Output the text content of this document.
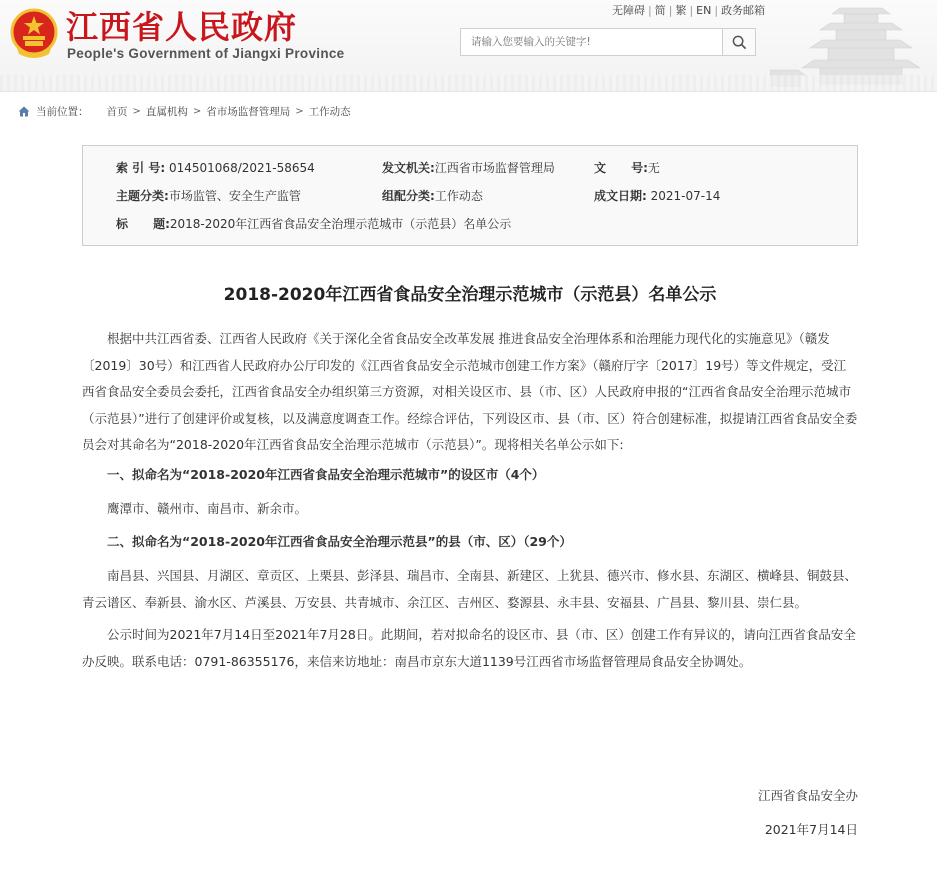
江西省人民政府
People's Government of Jiangxi Province
无障碍 | 简 | 繁 | EN | 政务邮箱
请输入您要输入的关键字!
当前位置： 首页 > 直属机构 > 省市场监督管理局 > 工作动态
索 引 号: 014501068/2021-58654	发文机关:江西省市场监督管理局	文      号:无
主题分类:市场监管、安全生产监管	组配分类:工作动态	成文日期: 2021-07-14
标      题:2018-2020年江西省食品安全治理示范城市（示范县）名单公示
2018-2020年江西省食品安全治理示范城市（示范县）名单公示
根据中共江西省委、江西省人民政府《关于深化全省食品安全改革发展 推进食品安全治理体系和治理能力现代化的实施意见》（赣发〔2019〕30号）和江西省人民政府办公厅印发的《江西省食品安全示范城市创建工作方案》（赣府厅字〔2017〕19号）等文件规定，受江西省食品安全委员会委托，江西省食品安全办组织第三方资源，对相关设区市、县（市、区）人民政府申报的“江西省食品安全治理示范城市（示范县）”进行了创建评价或复核，以及满意度调查工作。经综合评估，下列设区市、县（市、区）符合创建标准，拟提请江西省食品安全委员会对其命名为“2018-2020年江西省食品安全治理示范城市（示范县）”。现将相关名单公示如下:
一、拟命名为“2018-2020年江西省食品安全治理示范城市”的设区市（4个）
鹰潭市、赣州市、南昌市、新余市。
二、拟命名为“2018-2020年江西省食品安全治理示范县”的县（市、区）（29个）
南昌县、兴国县、月湖区、章贡区、上栗县、彭泽县、瑞昌市、全南县、新建区、上犹县、德兴市、修水县、东湖区、横峰县、铜鼓县、青云谱区、奉新县、渝水区、芦溪县、万安县、共青城市、余江区、吉州区、婺源县、永丰县、安福县、广昌县、黎川县、崇仁县。
公示时间为2021年7月14日至2021年7月28日。此期间，若对拟命名的设区市、县（市、区）创建工作有异议的，请向江西省食品安全办反映。联系电话：0791-86355176，来信来访地址：南昌市京东大道1139号江西省市场监督管理局食品安全协调处。
江西省食品安全办
2021年7月14日
